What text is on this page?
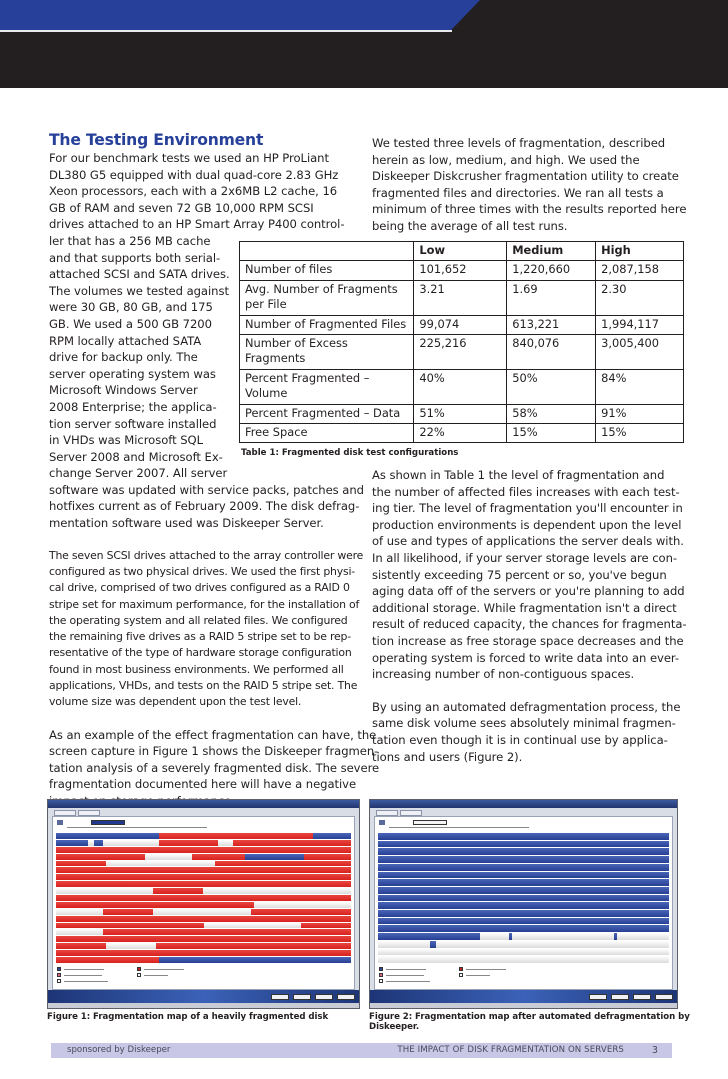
The Testing Environment
For our benchmark tests we used an HP ProLiant
DL380 G5 equipped with dual quad-core 2.83 GHz
Xeon processors, each with a 2x6MB L2 cache, 16
GB of RAM and seven 72 GB 10,000 RPM SCSI
drives attached to an HP Smart Array P400 control-
ler that has a 256 MB cache
and that supports both serial-
attached SCSI and SATA drives.
The volumes we tested against
were 30 GB, 80 GB, and 175
GB. We used a 500 GB 7200
RPM locally attached SATA
drive for backup only. The
server operating system was
Microsoft Windows Server
2008 Enterprise; the applica-
tion server software installed
in VHDs was Microsoft SQL
Server 2008 and Microsoft Ex-
change Server 2007. All server
software was updated with service packs, patches and
hotfixes current as of February 2009. The disk defrag-
mentation software used was Diskeeper Server.
The seven SCSI drives attached to the array controller were
configured as two physical drives. We used the first physi-
cal drive, comprised of two drives configured as a RAID 0
stripe set for maximum performance, for the installation of
the operating system and all related files. We configured
the remaining five drives as a RAID 5 stripe set to be rep-
resentative of the type of hardware storage configuration
found in most business environments. We performed all
applications, VHDs, and tests on the RAID 5 stripe set. The
volume size was dependent upon the test level.
As an example of the effect fragmentation can have, the
screen capture in Figure 1 shows the Diskeeper fragmen-
tation analysis of a severely fragmented disk. The severe
fragmentation documented here will have a negative
We tested three levels of fragmentation, described
herein as low, medium, and high. We used the
Diskeeper Diskcrusher fragmentation utility to create
fragmented files and directories. We ran all tests a
minimum of three times with the results reported here
being the average of all test runs.
As shown in Table 1 the level of fragmentation and
the number of affected files increases with each test-
ing tier. The level of fragmentation you'll encounter in
production environments is dependent upon the level
of use and types of applications the server deals with.
In all likelihood, if your server storage levels are con-
sistently exceeding 75 percent or so, you've begun
aging data off of the servers or you're planning to add
additional storage. While fragmentation isn't a direct
result of reduced capacity, the chances for fragmenta-
tion increase as free storage space decreases and the
operating system is forced to write data into an ever-
increasing number of non-contiguous spaces.
By using an automated defragmentation process, the
same disk volume sees absolutely minimal fragmen-
tation even though it is in continual use by applica-
tions and users (Figure 2).
	Low	Medium	High
Number of files	101,652	1,220,660	2,087,158
Avg. Number of Fragments per File	3.21	1.69	2.30
Number of Fragmented Files	99,074	613,221	1,994,117
Number of Excess Fragments	225,216	840,076	3,005,400
Percent Fragmented – Volume	40%	50%	84%
Percent Fragmented – Data	51%	58%	91%
Free Space	22%	15%	15%
Table 1: Fragmented disk test configurations
Figure 1: Fragmentation map of a heavily fragmented disk	Figure 2: Fragmentation map after automated defragmentation by Diskeeper.
sponsored by Diskeeper	THE IMPACT OF DISK FRAGMENTATION ON SERVERS	3
